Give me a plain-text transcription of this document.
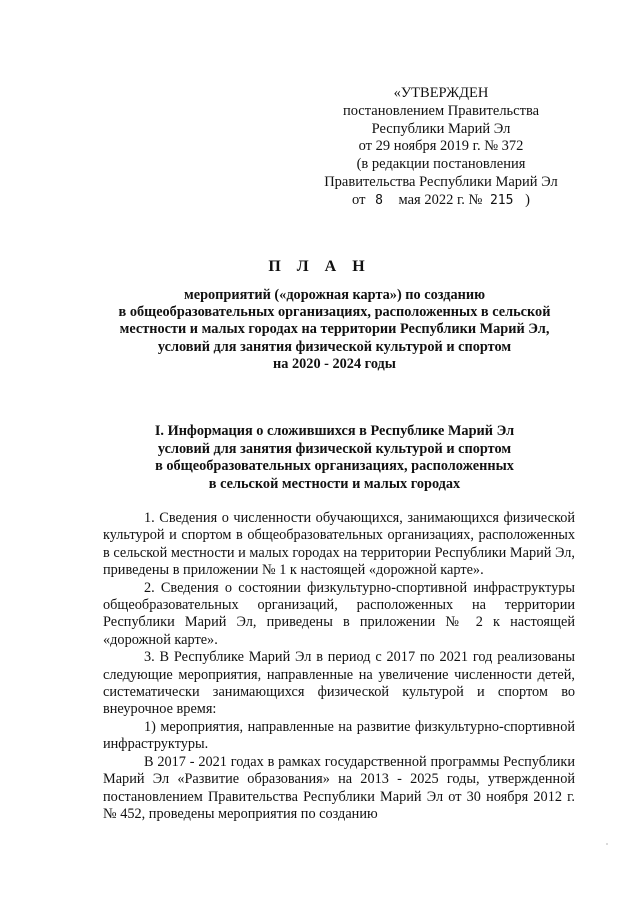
«УТВЕРЖДЕН
постановлением Правительства
Республики Марий Эл
от 29 ноября 2019 г. № 372
(в редакции постановления
Правительства Республики Марий Эл
от 8 мая 2022 г. № 215 )
П Л А Н
мероприятий («дорожная карта») по созданию
в общеобразовательных организациях, расположенных в сельской
местности и малых городах на территории Республики Марий Эл,
условий для занятия физической культурой и спортом
на 2020 - 2024 годы
I. Информация о сложившихся в Республике Марий Эл
условий для занятия физической культурой и спортом
в общеобразовательных организациях, расположенных
в сельской местности и малых городах

1. Сведения о численности обучающихся, занимающихся физической культурой и спортом в общеобразовательных организациях, расположенных в сельской местности и малых городах на территории Республики Марий Эл, приведены в приложении № 1 к настоящей «дорожной карте».

2. Сведения о состоянии физкультурно-спортивной инфраструктуры общеобразовательных организаций, расположенных на территории Республики Марий Эл, приведены в приложении № 2 к настоящей «дорожной карте».

3. В Республике Марий Эл в период с 2017 по 2021 год реализованы следующие мероприятия, направленные на увеличение численности детей, систематически занимающихся физической культурой и спортом во внеурочное время:

1) мероприятия, направленные на развитие физкультурно-спортивной инфраструктуры.

В 2017 - 2021 годах в рамках государственной программы Республики Марий Эл «Развитие образования» на 2013 - 2025 годы, утвержденной постановлением Правительства Республики Марий Эл от 30 ноября 2012 г. № 452, проведены мероприятия по созданию
